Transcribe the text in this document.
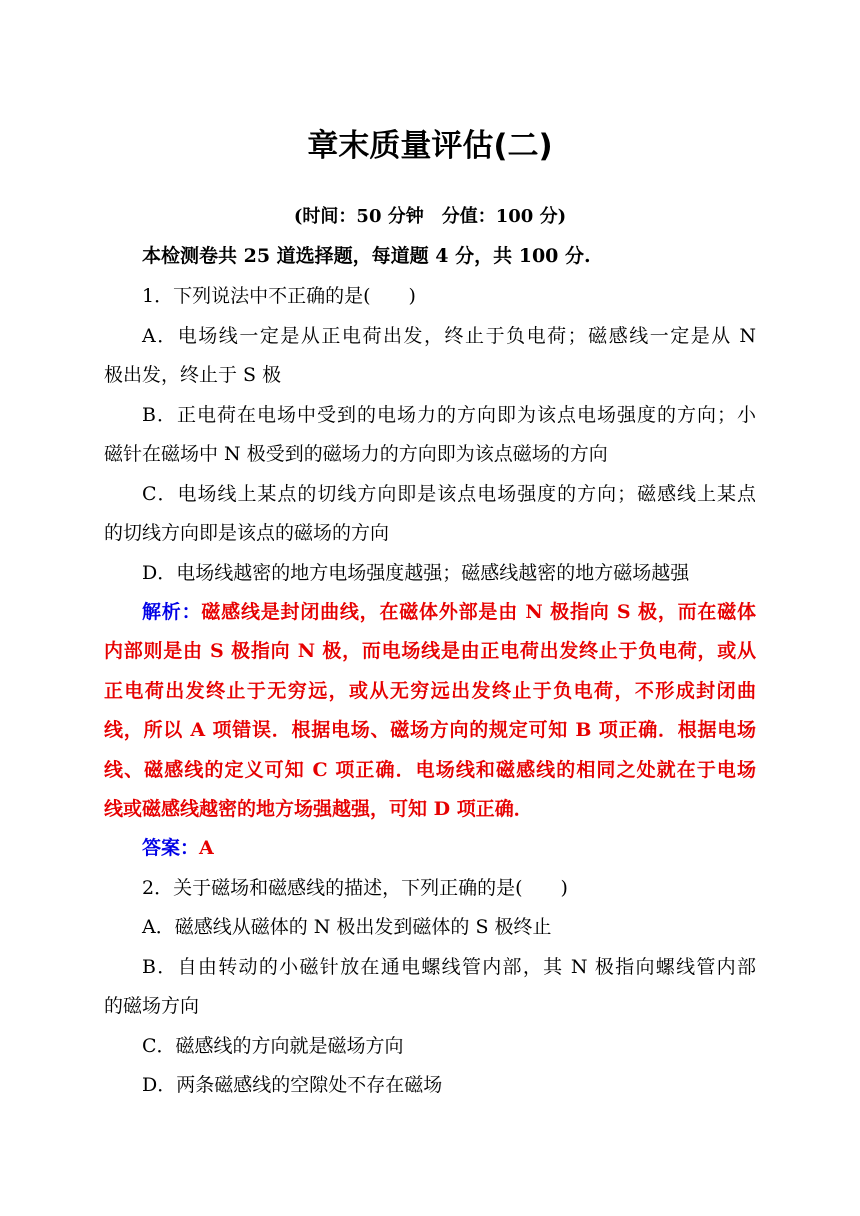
章末质量评估(二)
(时间：50 分钟　分值：100 分)
本检测卷共 25 道选择题，每道题 4 分，共 100 分.
1．下列说法中不正确的是(　　)
A．电场线一定是从正电荷出发，终止于负电荷；磁感线一定是从 N
极出发，终止于 S 极
B．正电荷在电场中受到的电场力的方向即为该点电场强度的方向；小
磁针在磁场中 N 极受到的磁场力的方向即为该点磁场的方向
C．电场线上某点的切线方向即是该点电场强度的方向；磁感线上某点
的切线方向即是该点的磁场的方向
D．电场线越密的地方电场强度越强；磁感线越密的地方磁场越强
解析：磁感线是封闭曲线，在磁体外部是由 N 极指向 S 极，而在磁体
内部则是由 S 极指向 N 极，而电场线是由正电荷出发终止于负电荷，或从
正电荷出发终止于无穷远，或从无穷远出发终止于负电荷，不形成封闭曲
线，所以 A 项错误．根据电场、磁场方向的规定可知 B 项正确．根据电场
线、磁感线的定义可知 C 项正确．电场线和磁感线的相同之处就在于电场
线或磁感线越密的地方场强越强，可知 D 项正确．
答案：A
2．关于磁场和磁感线的描述，下列正确的是(　　)
A．磁感线从磁体的 N 极出发到磁体的 S 极终止
B．自由转动的小磁针放在通电螺线管内部，其 N 极指向螺线管内部
的磁场方向
C．磁感线的方向就是磁场方向
D．两条磁感线的空隙处不存在磁场
